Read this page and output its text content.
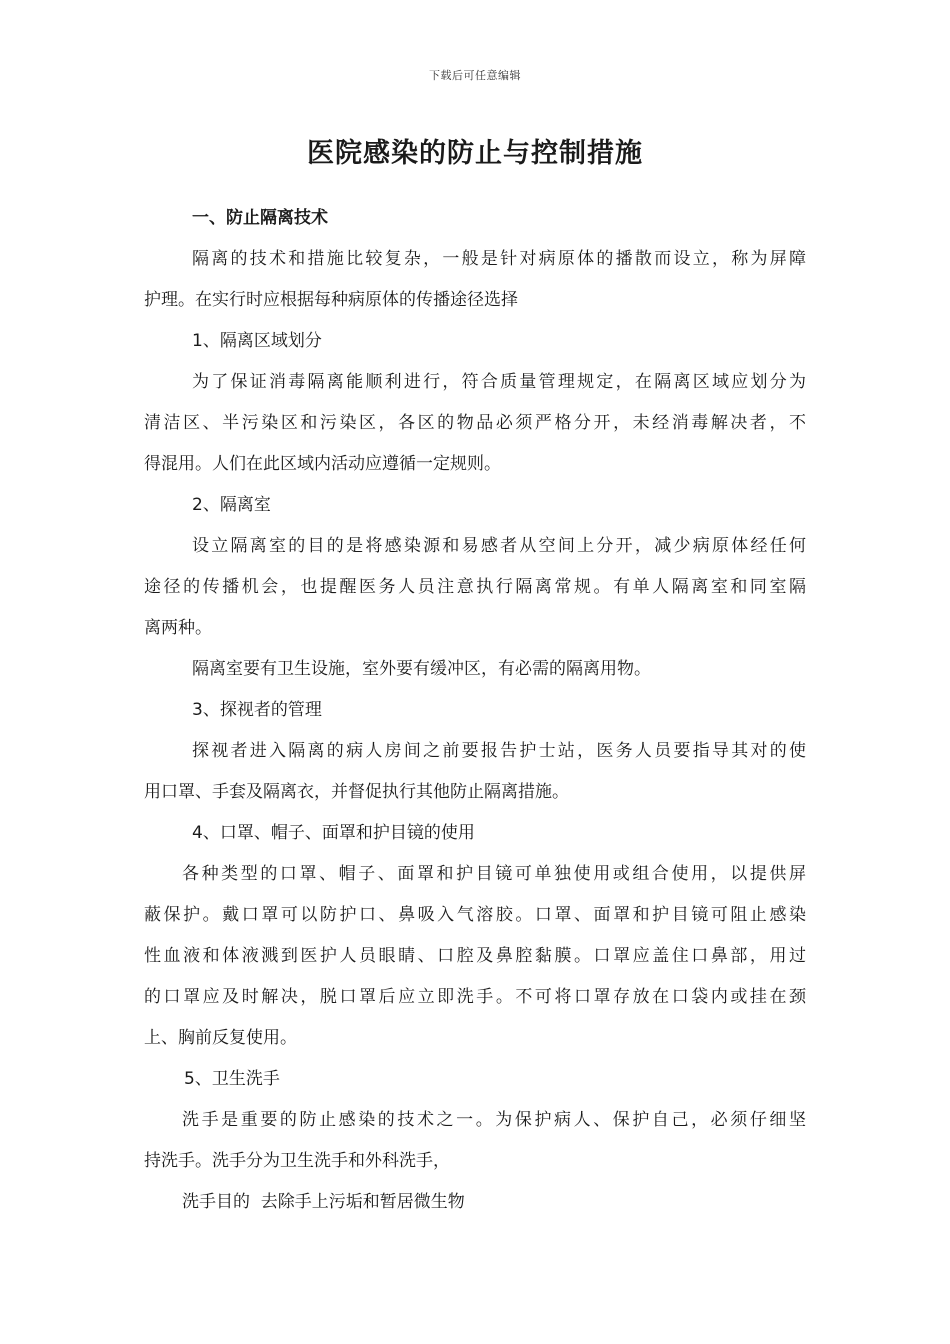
下载后可任意编辑
医院感染的防止与控制措施
一、防止隔离技术
隔离的技术和措施比较复杂，一般是针对病原体的播散而设立，称为屏障
护理。在实行时应根据每种病原体的传播途径选择
1、隔离区域划分
为了保证消毒隔离能顺利进行，符合质量管理规定，在隔离区域应划分为
清洁区、半污染区和污染区，各区的物品必须严格分开，未经消毒解决者，不
得混用。人们在此区域内活动应遵循一定规则。
2、隔离室
设立隔离室的目的是将感染源和易感者从空间上分开，减少病原体经任何
途径的传播机会，也提醒医务人员注意执行隔离常规。有单人隔离室和同室隔
离两种。
隔离室要有卫生设施，室外要有缓冲区，有必需的隔离用物。
3、探视者的管理
探视者进入隔离的病人房间之前要报告护士站，医务人员要指导其对的使
用口罩、手套及隔离衣，并督促执行其他防止隔离措施。
4、口罩、帽子、面罩和护目镜的使用
各种类型的口罩、帽子、面罩和护目镜可单独使用或组合使用，以提供屏
蔽保护。戴口罩可以防护口、鼻吸入气溶胶。口罩、面罩和护目镜可阻止感染
性血液和体液溅到医护人员眼睛、口腔及鼻腔黏膜。口罩应盖住口鼻部，用过
的口罩应及时解决，脱口罩后应立即洗手。不可将口罩存放在口袋内或挂在颈
上、胸前反复使用。
5、卫生洗手
洗手是重要的防止感染的技术之一。为保护病人、保护自己，必须仔细坚
持洗手。洗手分为卫生洗手和外科洗手，
洗手目的  去除手上污垢和暂居微生物
